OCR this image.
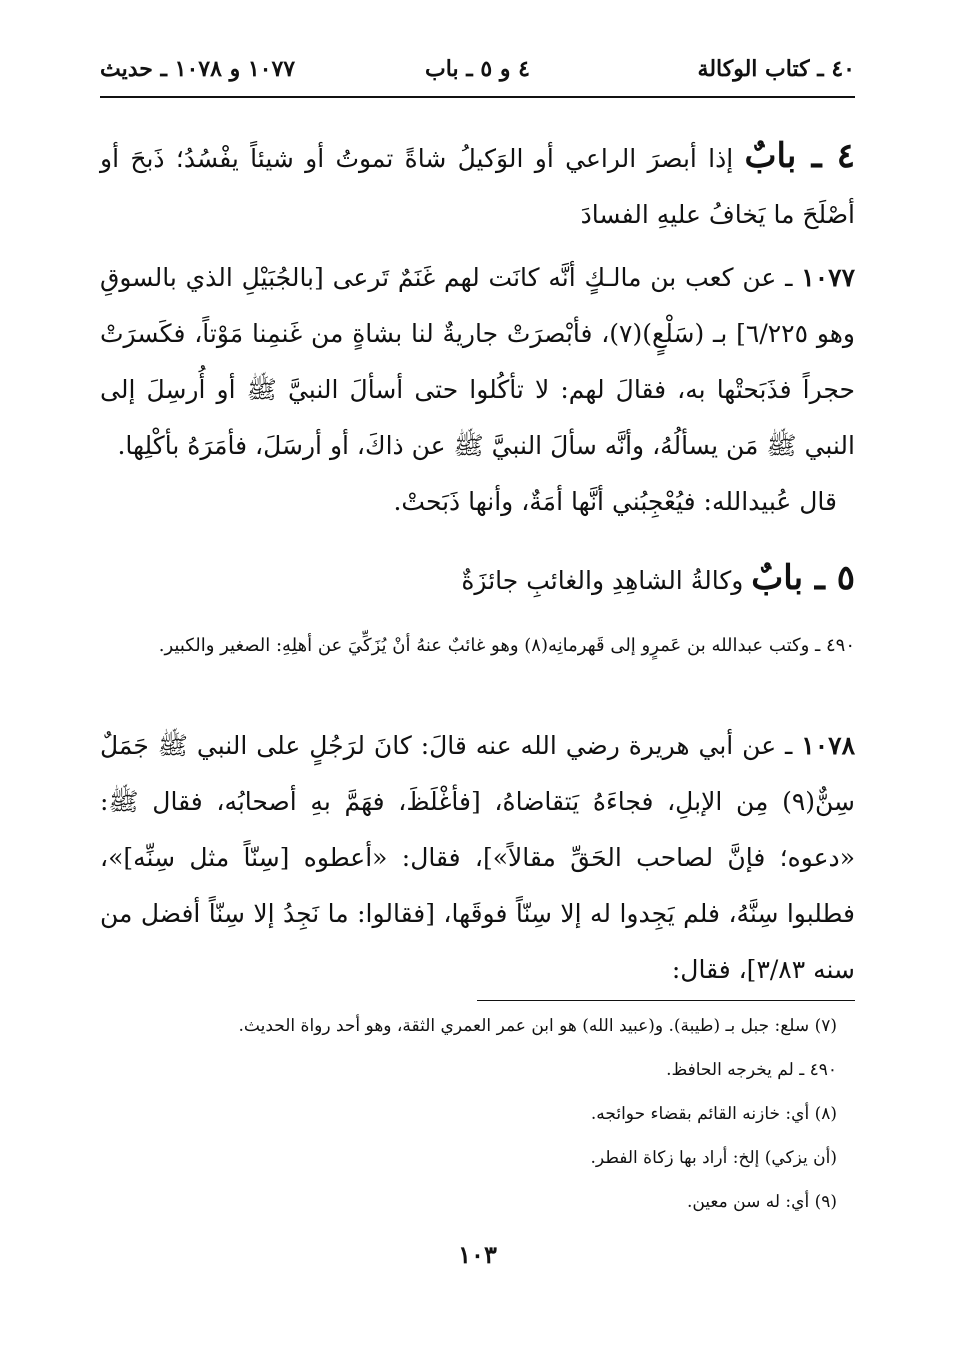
٤٠ ـ كتاب الوكالة
٤ و ٥ ـ باب
١٠٧٧ و ١٠٧٨ ـ حديث
٤ ـ بابٌ إذا أبصرَ الراعي أو الوَكيلُ شاةً تموتُ أو شيئاً يفْسُدُ؛ ذَبحَ أو أصْلَحَ ما يَخافُ عليهِ الفسادَ
١٠٧٧ ـ عن كعب بن مالـكٍ أنَّه كانَت لهم غَنَمٌ تَرعى [بالجُبَيْلِ الذي بالسوقِ وهو ٦/٢٢٥] بـ (سَلْعٍ)(٧)، فأبْصرَتْ جاريةٌ لنا بشاةٍ من غَنمِنا مَوْتاً، فكَسرَتْ حجراً فذَبَحتْها به، فقالَ لهم: لا تأكُلوا حتى أسألَ النبيَّ ﷺ أو أُرسِلَ إلى النبي ﷺ مَن يسألُهُ، وأنَّه سألَ النبيَّ ﷺ عن ذاكَ، أو أرسَلَ، فأمَرَهُ بأكْلِها.
قال عُبيدالله: فيُعْجِبُني أنَّها أمَةٌ، وأنها ذَبَحتْ.
٥ ـ بابٌ وكالةُ الشاهِدِ والغائبِ جائزَةٌ
٤٩٠ ـ وكتب عبدالله بن عَمرٍو إلى قَهرمانِه(٨) وهو غائبٌ عنهُ أنْ يُزَكِّيَ عن أهلِهِ: الصغير والكبير.
١٠٧٨ ـ عن أبي هريرة رضي الله عنه قالَ: كانَ لرَجُلٍ على النبي ﷺ جَمَلٌ سِنٌّ(٩) مِن الإبلِ، فجاءَهُ يَتقاضاهُ، [فأغْلَظَ، فهَمَّ بهِ أصحابُه، فقال ﷺ: «دعوه؛ فإنَّ لصاحب الحَقِّ مقالاً»]، فقال: «أعطوه [سِنّاً مثل سِنِّه]»، فطلبوا سِنَّهُ، فلم يَجِدوا له إلا سِنّاً فوقَها، [فقالوا: ما نَجِدُ إلا سِنّاً أفضل من سنه ٣/٨٣]، فقال:
(٧) سلع: جبل بـ (طيبة). و(عبيد الله) هو ابن عمر العمري الثقة، وهو أحد رواة الحديث.
٤٩٠ ـ لم يخرجه الحافظ.
(٨) أي: خازنه القائم بقضاء حوائجه.
(أن يزكي) إلخ: أراد بها زكاة الفطر.
(٩) أي: له سن معين.
١٠٣
